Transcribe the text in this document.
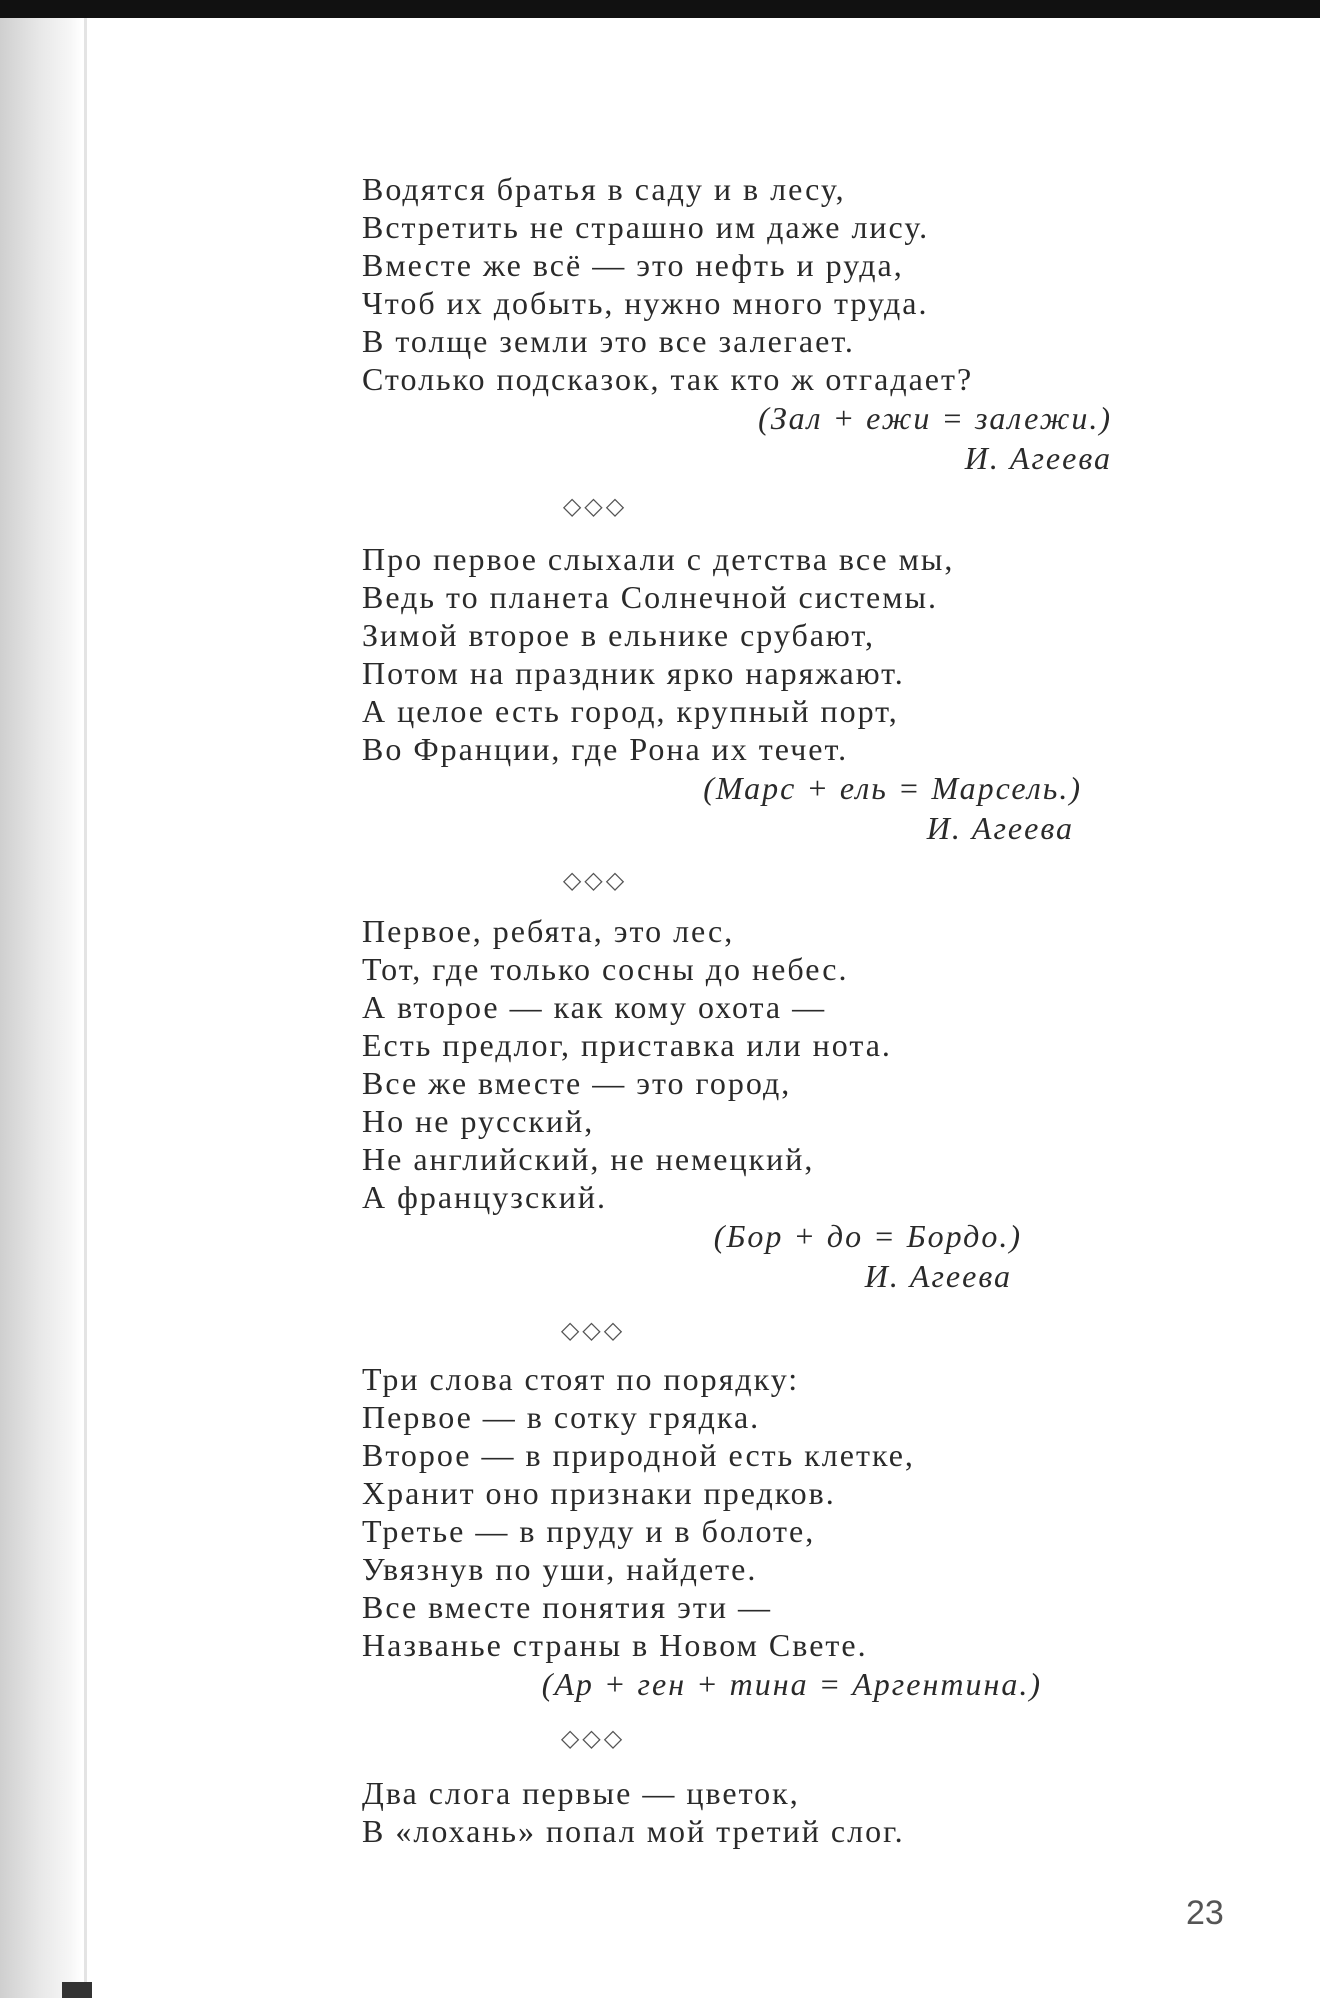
Водятся братья в саду и в лесу,
Встретить не страшно им даже лису.
Вместе же всё — это нефть и руда,
Чтоб их добыть, нужно много труда.
В толще земли это все залегает.
Столько подсказок, так кто ж отгадает?
(Зал + ежи = залежи.)
И. Агеева
◇◇◇
Про первое слыхали с детства все мы,
Ведь то планета Солнечной системы.
Зимой второе в ельнике срубают,
Потом на праздник ярко наряжают.
А целое есть город, крупный порт,
Во Франции, где Рона их течет.
(Марс + ель = Марсель.)
И. Агеева
◇◇◇
Первое, ребята, это лес,
Тот, где только сосны до небес.
А второе — как кому охота —
Есть предлог, приставка или нота.
Все же вместе — это город,
Но не русский,
Не английский, не немецкий,
А французский.
(Бор + до = Бордо.)
И. Агеева
◇◇◇
Три слова стоят по порядку:
Первое — в сотку грядка.
Второе — в природной есть клетке,
Хранит оно признаки предков.
Третье — в пруду и в болоте,
Увязнув по уши, найдете.
Все вместе понятия эти —
Названье страны в Новом Свете.
(Ар + ген + тина = Аргентина.)
◇◇◇
Два слога первые — цветок,
В «лохань» попал мой третий слог.
23
